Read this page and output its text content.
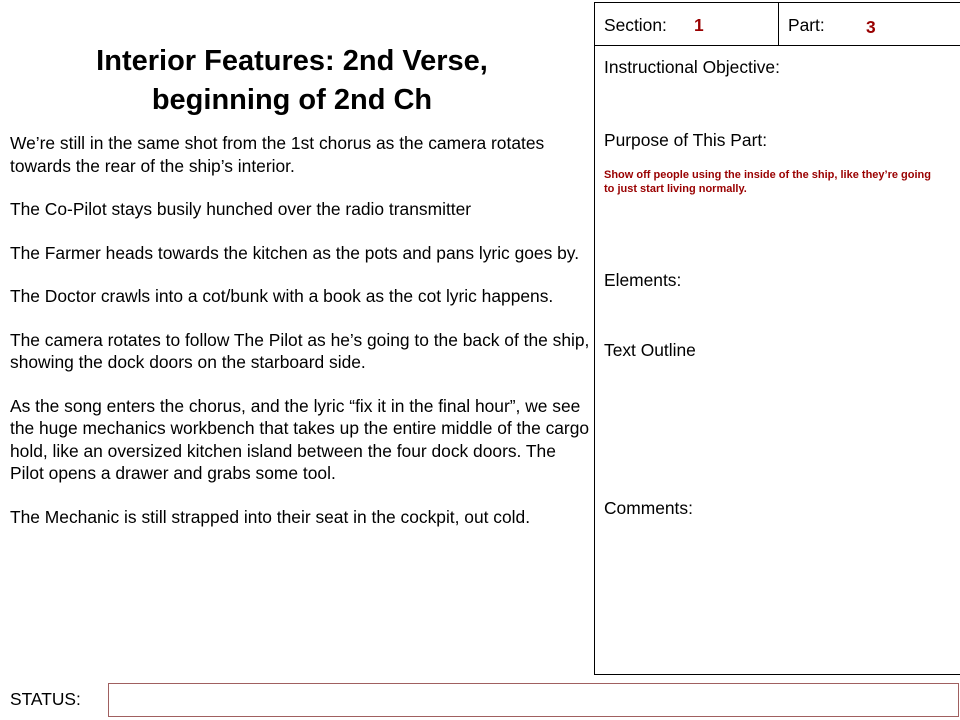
Interior Features: 2nd Verse,
beginning of 2nd Ch

We’re still in the same shot from the 1st chorus as the camera rotates towards the rear of the ship’s interior.

The Co-Pilot stays busily hunched over the radio transmitter

The Farmer heads towards the kitchen as the pots and pans lyric goes by.

The Doctor crawls into a cot/bunk with a book as the cot lyric happens.

The camera rotates to follow The Pilot as he’s going to the back of the ship, showing the dock doors on the starboard side.

As the song enters the chorus, and the lyric “fix it in the final hour”, we see the huge mechanics workbench that takes up the entire middle of the cargo hold, like an oversized kitchen island between the four dock doors. The Pilot opens a drawer and grabs some tool.

The Mechanic is still strapped into their seat in the cockpit, out cold.

Section: 1	Part: 3
Instructional Objective:
Purpose of This Part:
Show off people using the inside of the ship, like they’re going to just start living normally.
Elements:
Text Outline
Comments:
STATUS:
